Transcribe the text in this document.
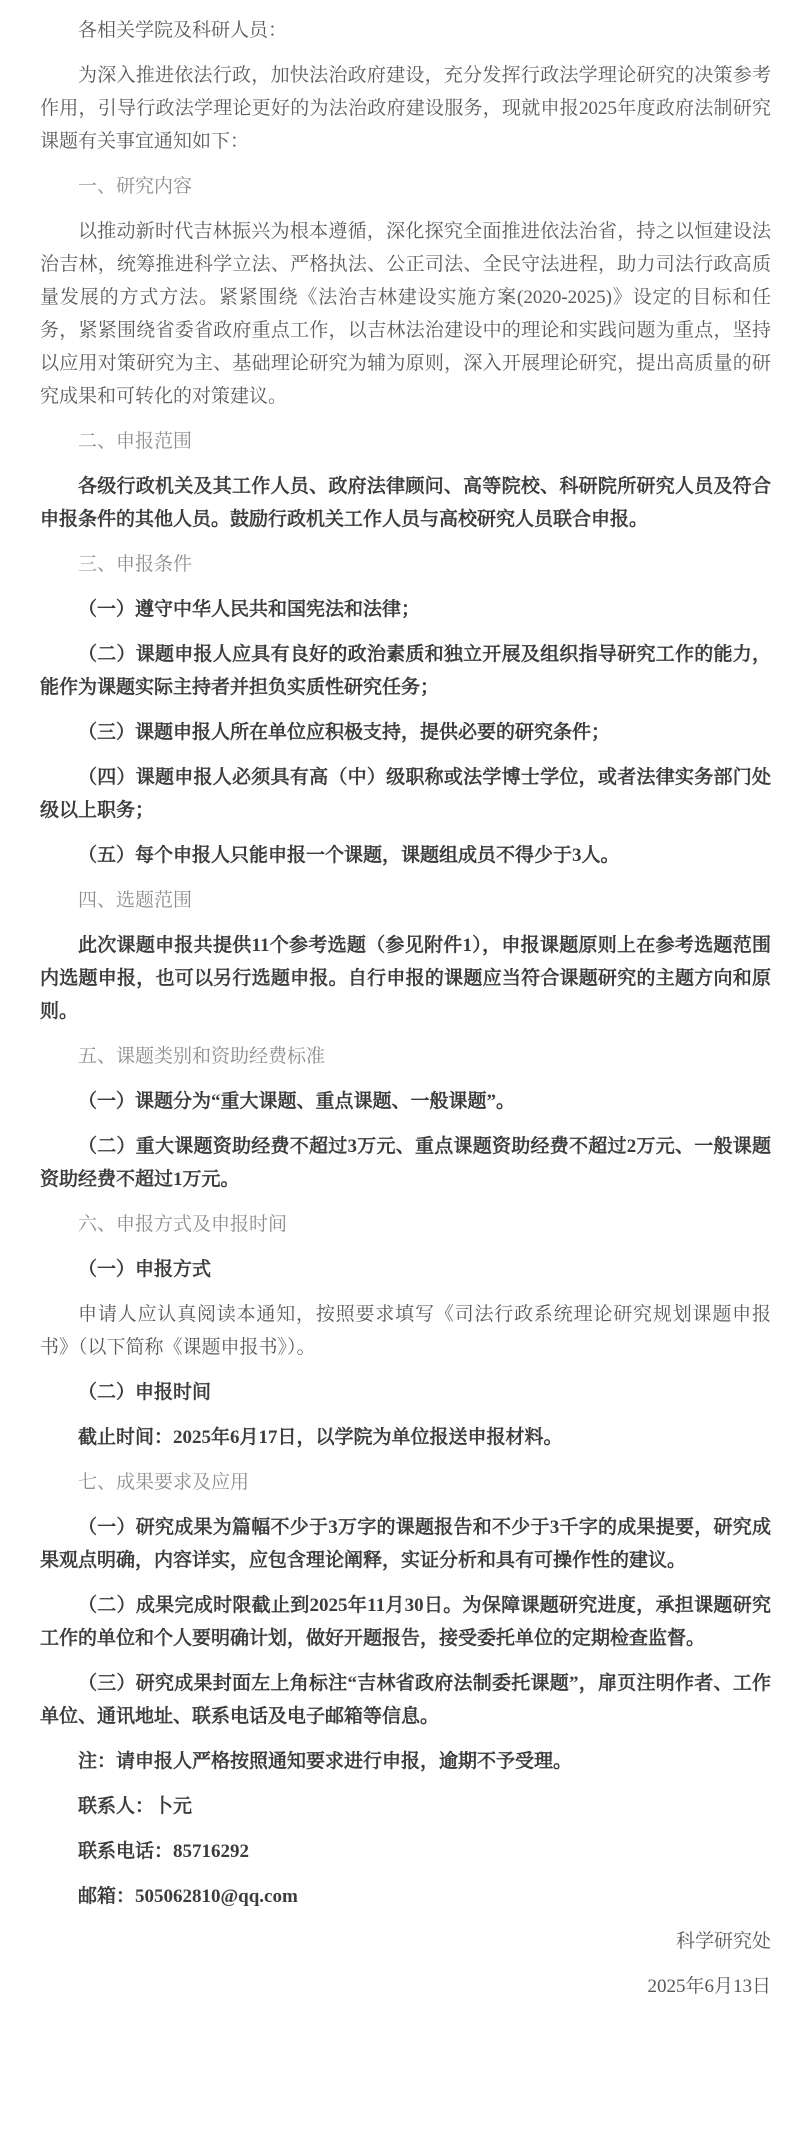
各相关学院及科研人员：

为深入推进依法行政，加快法治政府建设，充分发挥行政法学理论研究的决策参考作用，引导行政法学理论更好的为法治政府建设服务，现就申报2025年度政府法制研究课题有关事宜通知如下：

一、研究内容

以推动新时代吉林振兴为根本遵循，深化探究全面推进依法治省，持之以恒建设法治吉林，统筹推进科学立法、严格执法、公正司法、全民守法进程，助力司法行政高质量发展的方式方法。紧紧围绕《法治吉林建设实施方案(2020-2025)》设定的目标和任务，紧紧围绕省委省政府重点工作，以吉林法治建设中的理论和实践问题为重点，坚持以应用对策研究为主、基础理论研究为辅为原则，深入开展理论研究，提出高质量的研究成果和可转化的对策建议。

二、申报范围

各级行政机关及其工作人员、政府法律顾问、高等院校、科研院所研究人员及符合申报条件的其他人员。鼓励行政机关工作人员与高校研究人员联合申报。

三、申报条件

（一）遵守中华人民共和国宪法和法律；

（二）课题申报人应具有良好的政治素质和独立开展及组织指导研究工作的能力，能作为课题实际主持者并担负实质性研究任务；

（三）课题申报人所在单位应积极支持，提供必要的研究条件；

（四）课题申报人必须具有高（中）级职称或法学博士学位，或者法律实务部门处级以上职务；

（五）每个申报人只能申报一个课题，课题组成员不得少于3人。

四、选题范围

此次课题申报共提供11个参考选题（参见附件1），申报课题原则上在参考选题范围内选题申报，也可以另行选题申报。自行申报的课题应当符合课题研究的主题方向和原则。

五、课题类别和资助经费标准

（一）课题分为“重大课题、重点课题、一般课题”。

（二）重大课题资助经费不超过3万元、重点课题资助经费不超过2万元、一般课题资助经费不超过1万元。

六、申报方式及申报时间

（一）申报方式

申请人应认真阅读本通知，按照要求填写《司法行政系统理论研究规划课题申报书》（以下简称《课题申报书》）。

（二）申报时间

截止时间：2025年6月17日，以学院为单位报送申报材料。

七、成果要求及应用

（一）研究成果为篇幅不少于3万字的课题报告和不少于3千字的成果提要，研究成果观点明确，内容详实，应包含理论阐释，实证分析和具有可操作性的建议。

（二）成果完成时限截止到2025年11月30日。为保障课题研究进度，承担课题研究工作的单位和个人要明确计划，做好开题报告，接受委托单位的定期检查监督。

（三）研究成果封面左上角标注“吉林省政府法制委托课题”，扉页注明作者、工作单位、通讯地址、联系电话及电子邮箱等信息。

注：请申报人严格按照通知要求进行申报，逾期不予受理。

联系人：卜元

联系电话：85716292

邮箱：505062810@qq.com

科学研究处

2025年6月13日
